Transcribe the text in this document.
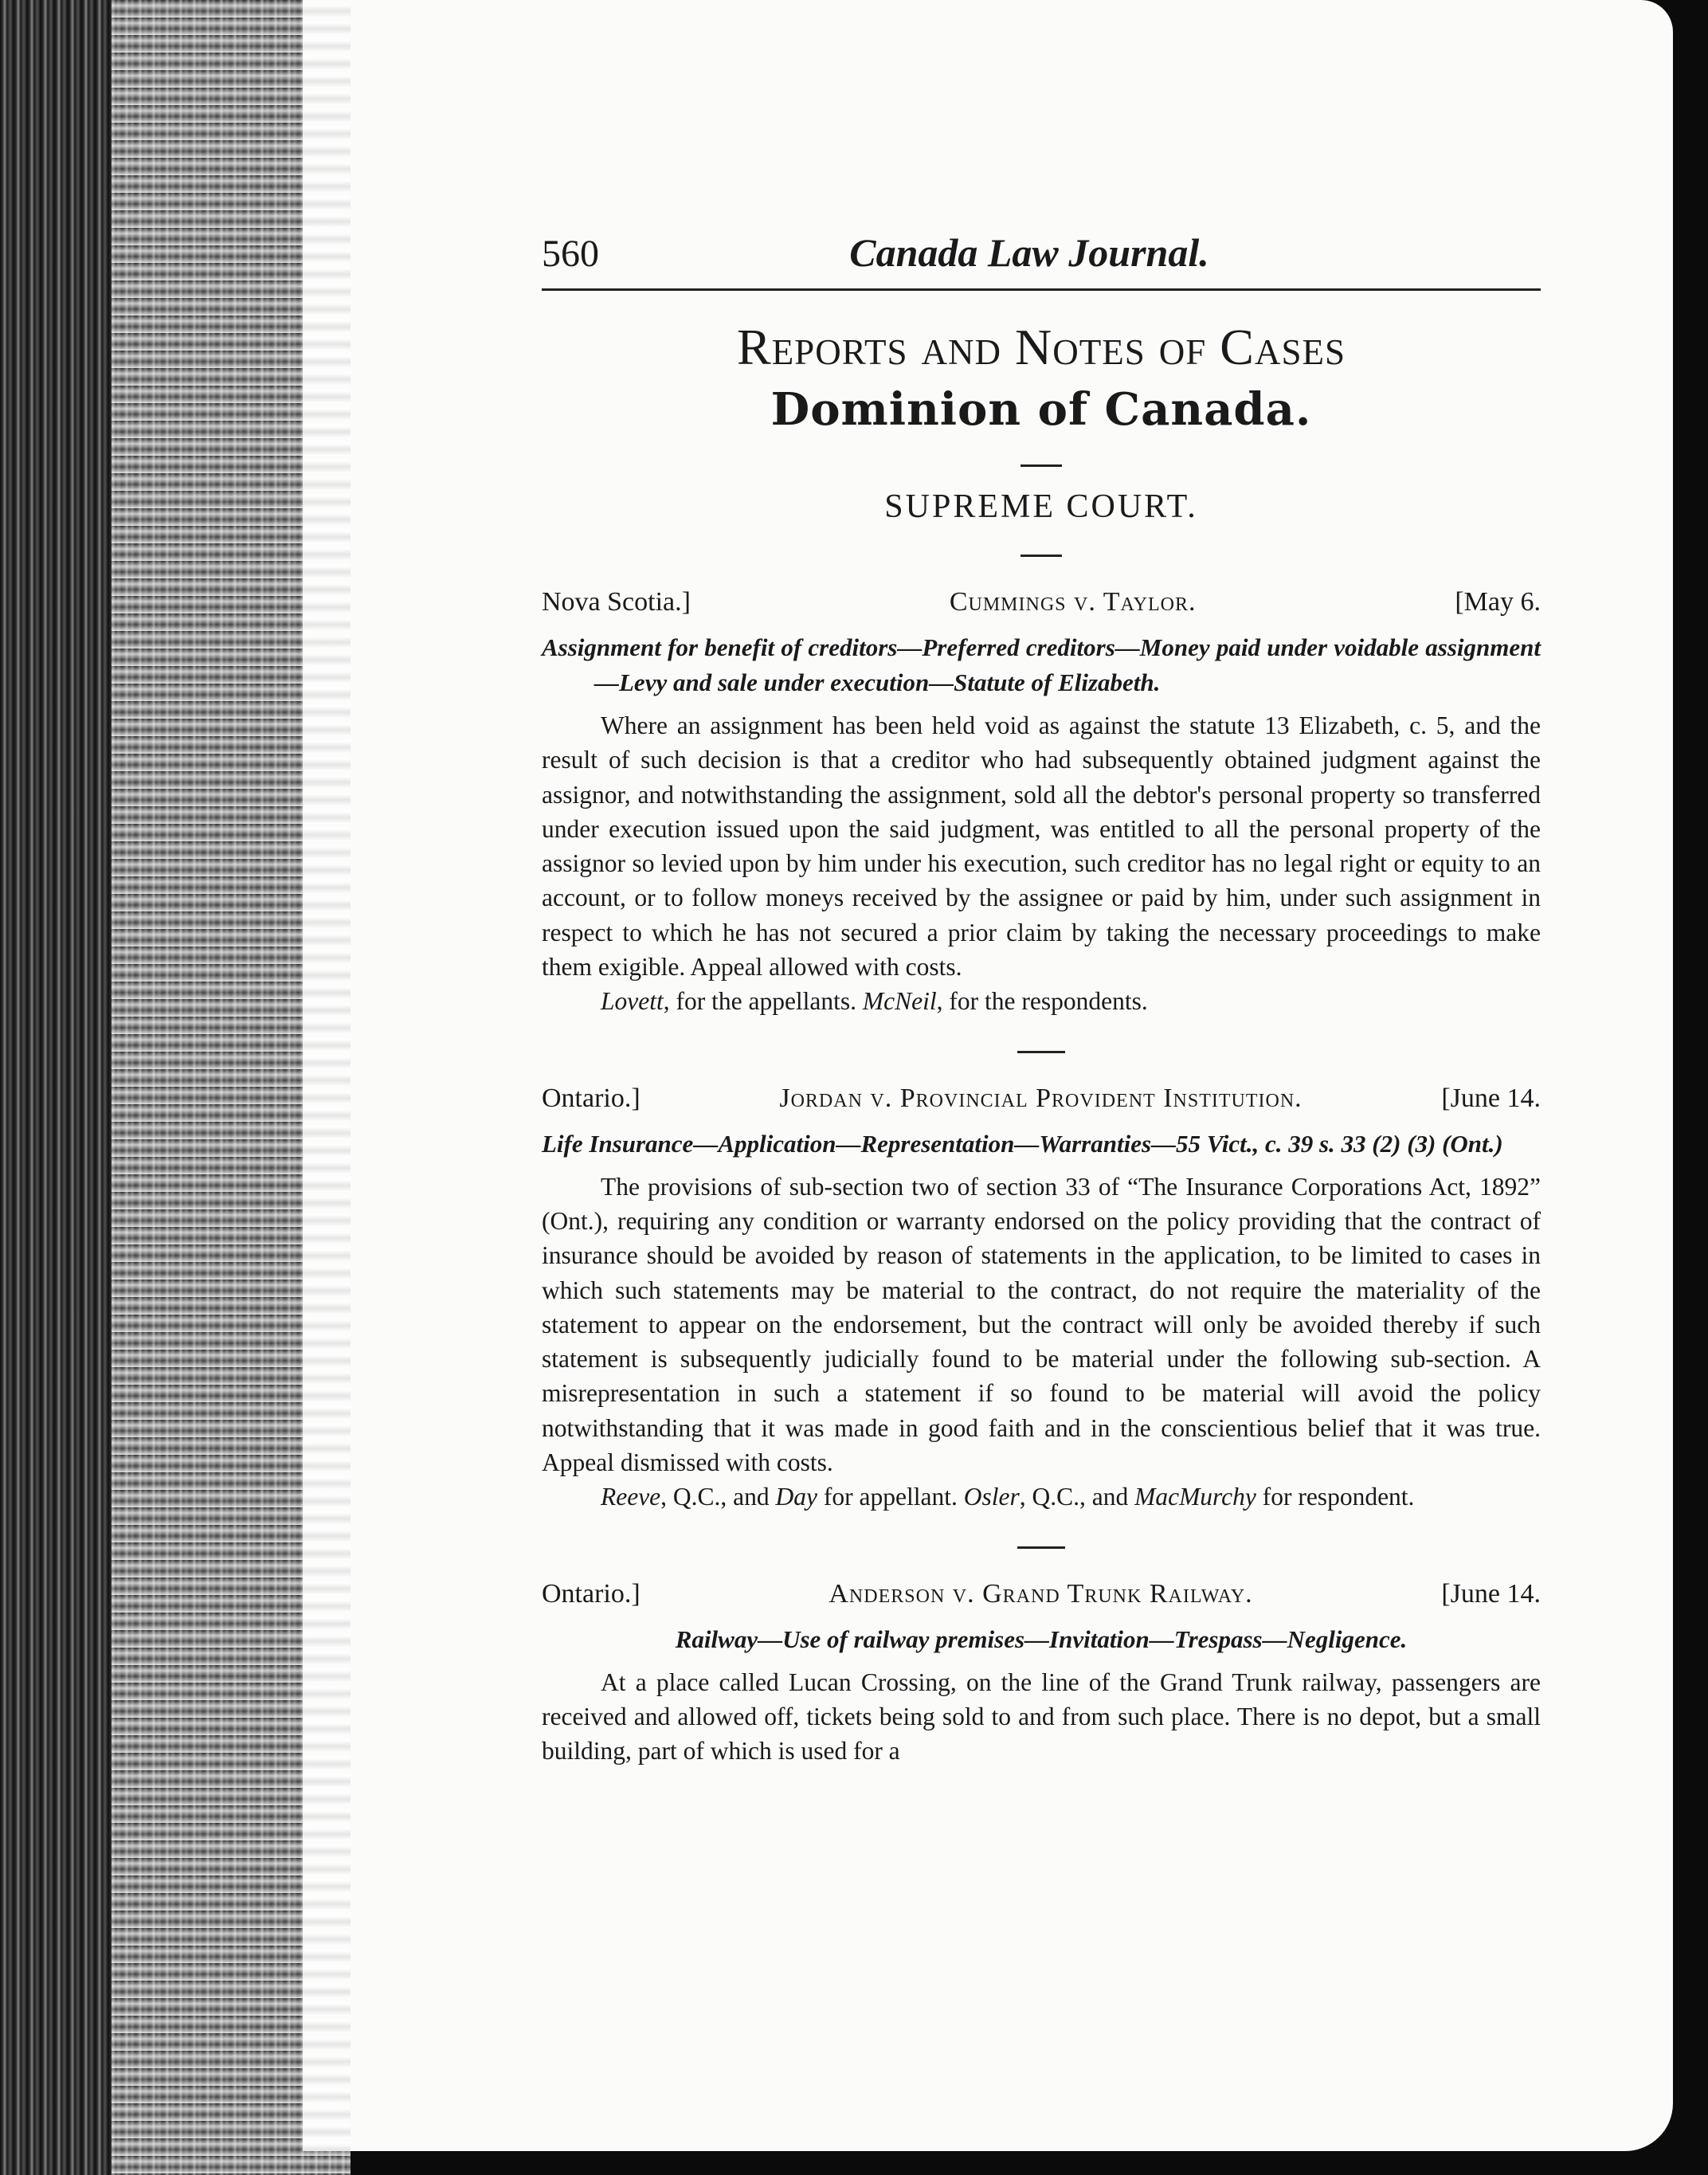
560	Canada Law Journal.
Reports and Notes of Cases
Dominion of Canada.
SUPREME COURT.
Nova Scotia.]	Cummings v. Taylor.	[May 6.
Assignment for benefit of creditors—Preferred creditors—Money paid under voidable assignment—Levy and sale under execution—Statute of Elizabeth.
Where an assignment has been held void as against the statute 13 Elizabeth, c. 5, and the result of such decision is that a creditor who had subsequently obtained judgment against the assignor, and notwithstanding the assignment, sold all the debtor's personal property so transferred under execution issued upon the said judgment, was entitled to all the personal property of the assignor so levied upon by him under his execution, such creditor has no legal right or equity to an account, or to follow moneys received by the assignee or paid by him, under such assignment in respect to which he has not secured a prior claim by taking the necessary proceedings to make them exigible. Appeal allowed with costs.
Lovett, for the appellants. McNeil, for the respondents.
Ontario.]	Jordan v. Provincial Provident Institution.	[June 14.
Life Insurance—Application—Representation—Warranties—55 Vict., c. 39 s. 33 (2) (3) (Ont.)
The provisions of sub-section two of section 33 of “The Insurance Corporations Act, 1892” (Ont.), requiring any condition or warranty endorsed on the policy providing that the contract of insurance should be avoided by reason of statements in the application, to be limited to cases in which such statements may be material to the contract, do not require the materiality of the statement to appear on the endorsement, but the contract will only be avoided thereby if such statement is subsequently judicially found to be material under the following sub-section. A misrepresentation in such a statement if so found to be material will avoid the policy notwithstanding that it was made in good faith and in the conscientious belief that it was true. Appeal dismissed with costs.
Reeve, Q.C., and Day for appellant. Osler, Q.C., and MacMurchy for respondent.
Ontario.]	Anderson v. Grand Trunk Railway.	[June 14.
Railway—Use of railway premises—Invitation—Trespass—Negligence.
At a place called Lucan Crossing, on the line of the Grand Trunk railway, passengers are received and allowed off, tickets being sold to and from such place. There is no depot, but a small building, part of which is used for a
